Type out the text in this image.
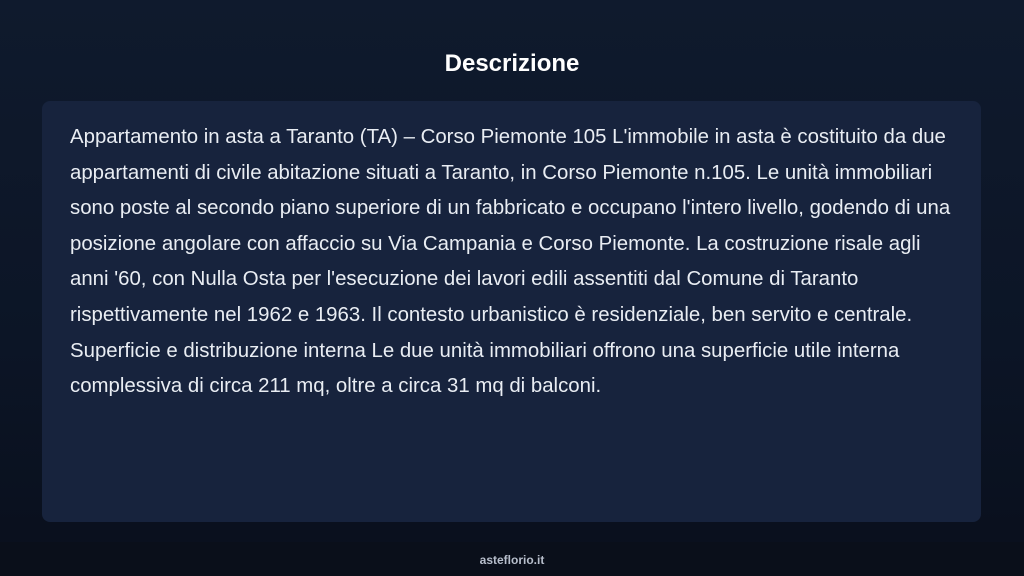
Descrizione

Appartamento in asta a Taranto (TA) – Corso Piemonte 105 L'immobile in asta è costituito da due appartamenti di civile abitazione situati a Taranto, in Corso Piemonte n.105. Le unità immobiliari sono poste al secondo piano superiore di un fabbricato e occupano l'intero livello, godendo di una posizione angolare con affaccio su Via Campania e Corso Piemonte. La costruzione risale agli anni '60, con Nulla Osta per l'esecuzione dei lavori edili assentiti dal Comune di Taranto rispettivamente nel 1962 e 1963. Il contesto urbanistico è residenziale, ben servito e centrale. Superficie e distribuzione interna Le due unità immobiliari offrono una superficie utile interna complessiva di circa 211 mq, oltre a circa 31 mq di balconi.

asteflorio.it
